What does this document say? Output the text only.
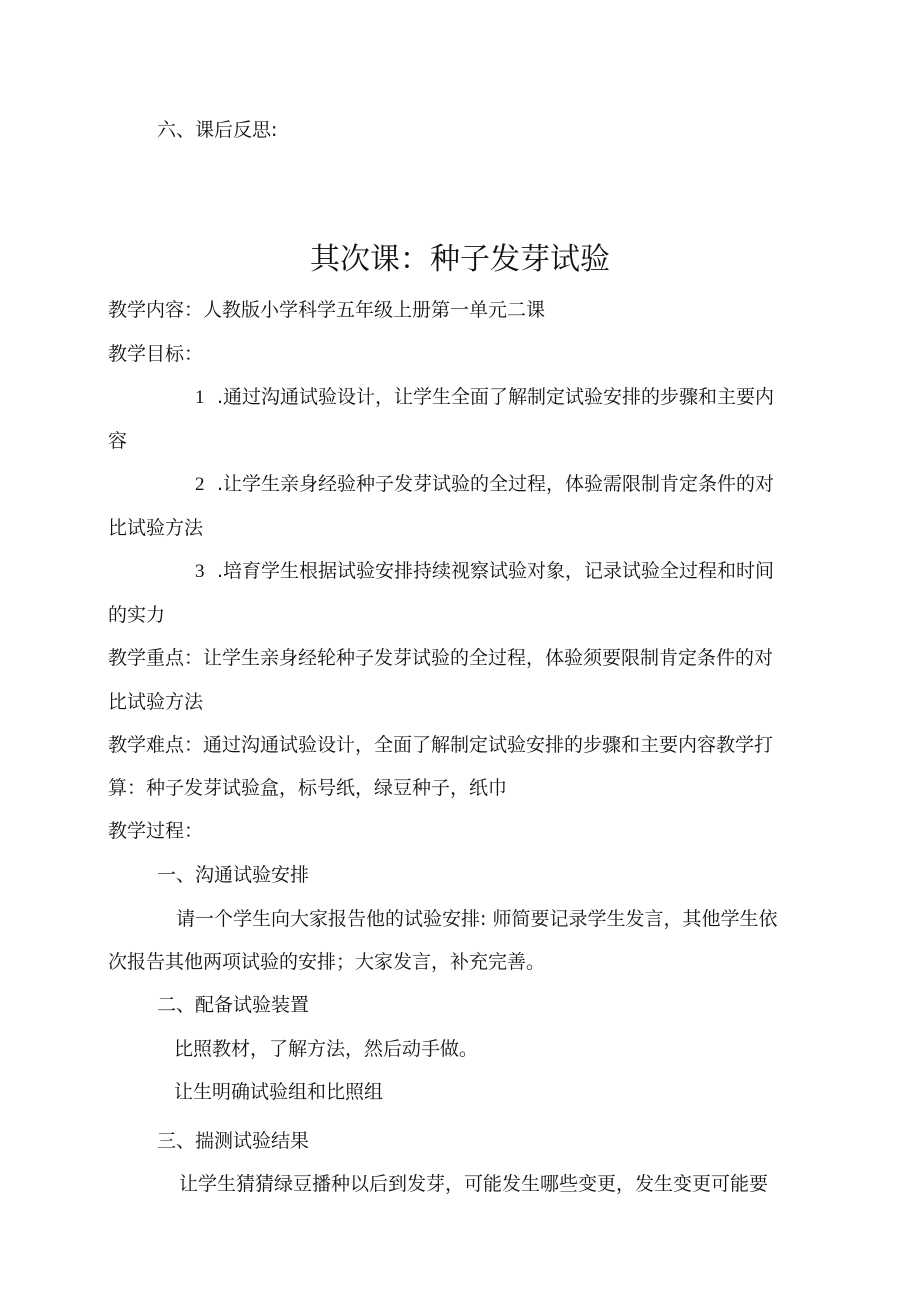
六、课后反思:
其次课：种子发芽试验
教学内容：人教版小学科学五年级上册第一单元二课
教学目标：
1 .通过沟通试验设计，让学生全面了解制定试验安排的步骤和主要内
容
2 .让学生亲身经验种子发芽试验的全过程，体验需限制肯定条件的对
比试验方法
3 .培育学生根据试验安排持续视察试验对象，记录试验全过程和时间
的实力
教学重点：让学生亲身经轮种子发芽试验的全过程，体验须要限制肯定条件的对
比试验方法
教学难点：通过沟通试验设计，全面了解制定试验安排的步骤和主要内容教学打
算：种子发芽试验盒，标号纸，绿豆种子，纸巾
教学过程：
一、沟通试验安排
请一个学生向大家报告他的试验安排: 师简要记录学生发言，其他学生依
次报告其他两项试验的安排；大家发言，补充完善。
二、配备试验装置
比照教材，了解方法，然后动手做。
让生明确试验组和比照组
三、揣测试验结果
让学生猜猜绿豆播种以后到发芽，可能发生哪些变更，发生变更可能要
